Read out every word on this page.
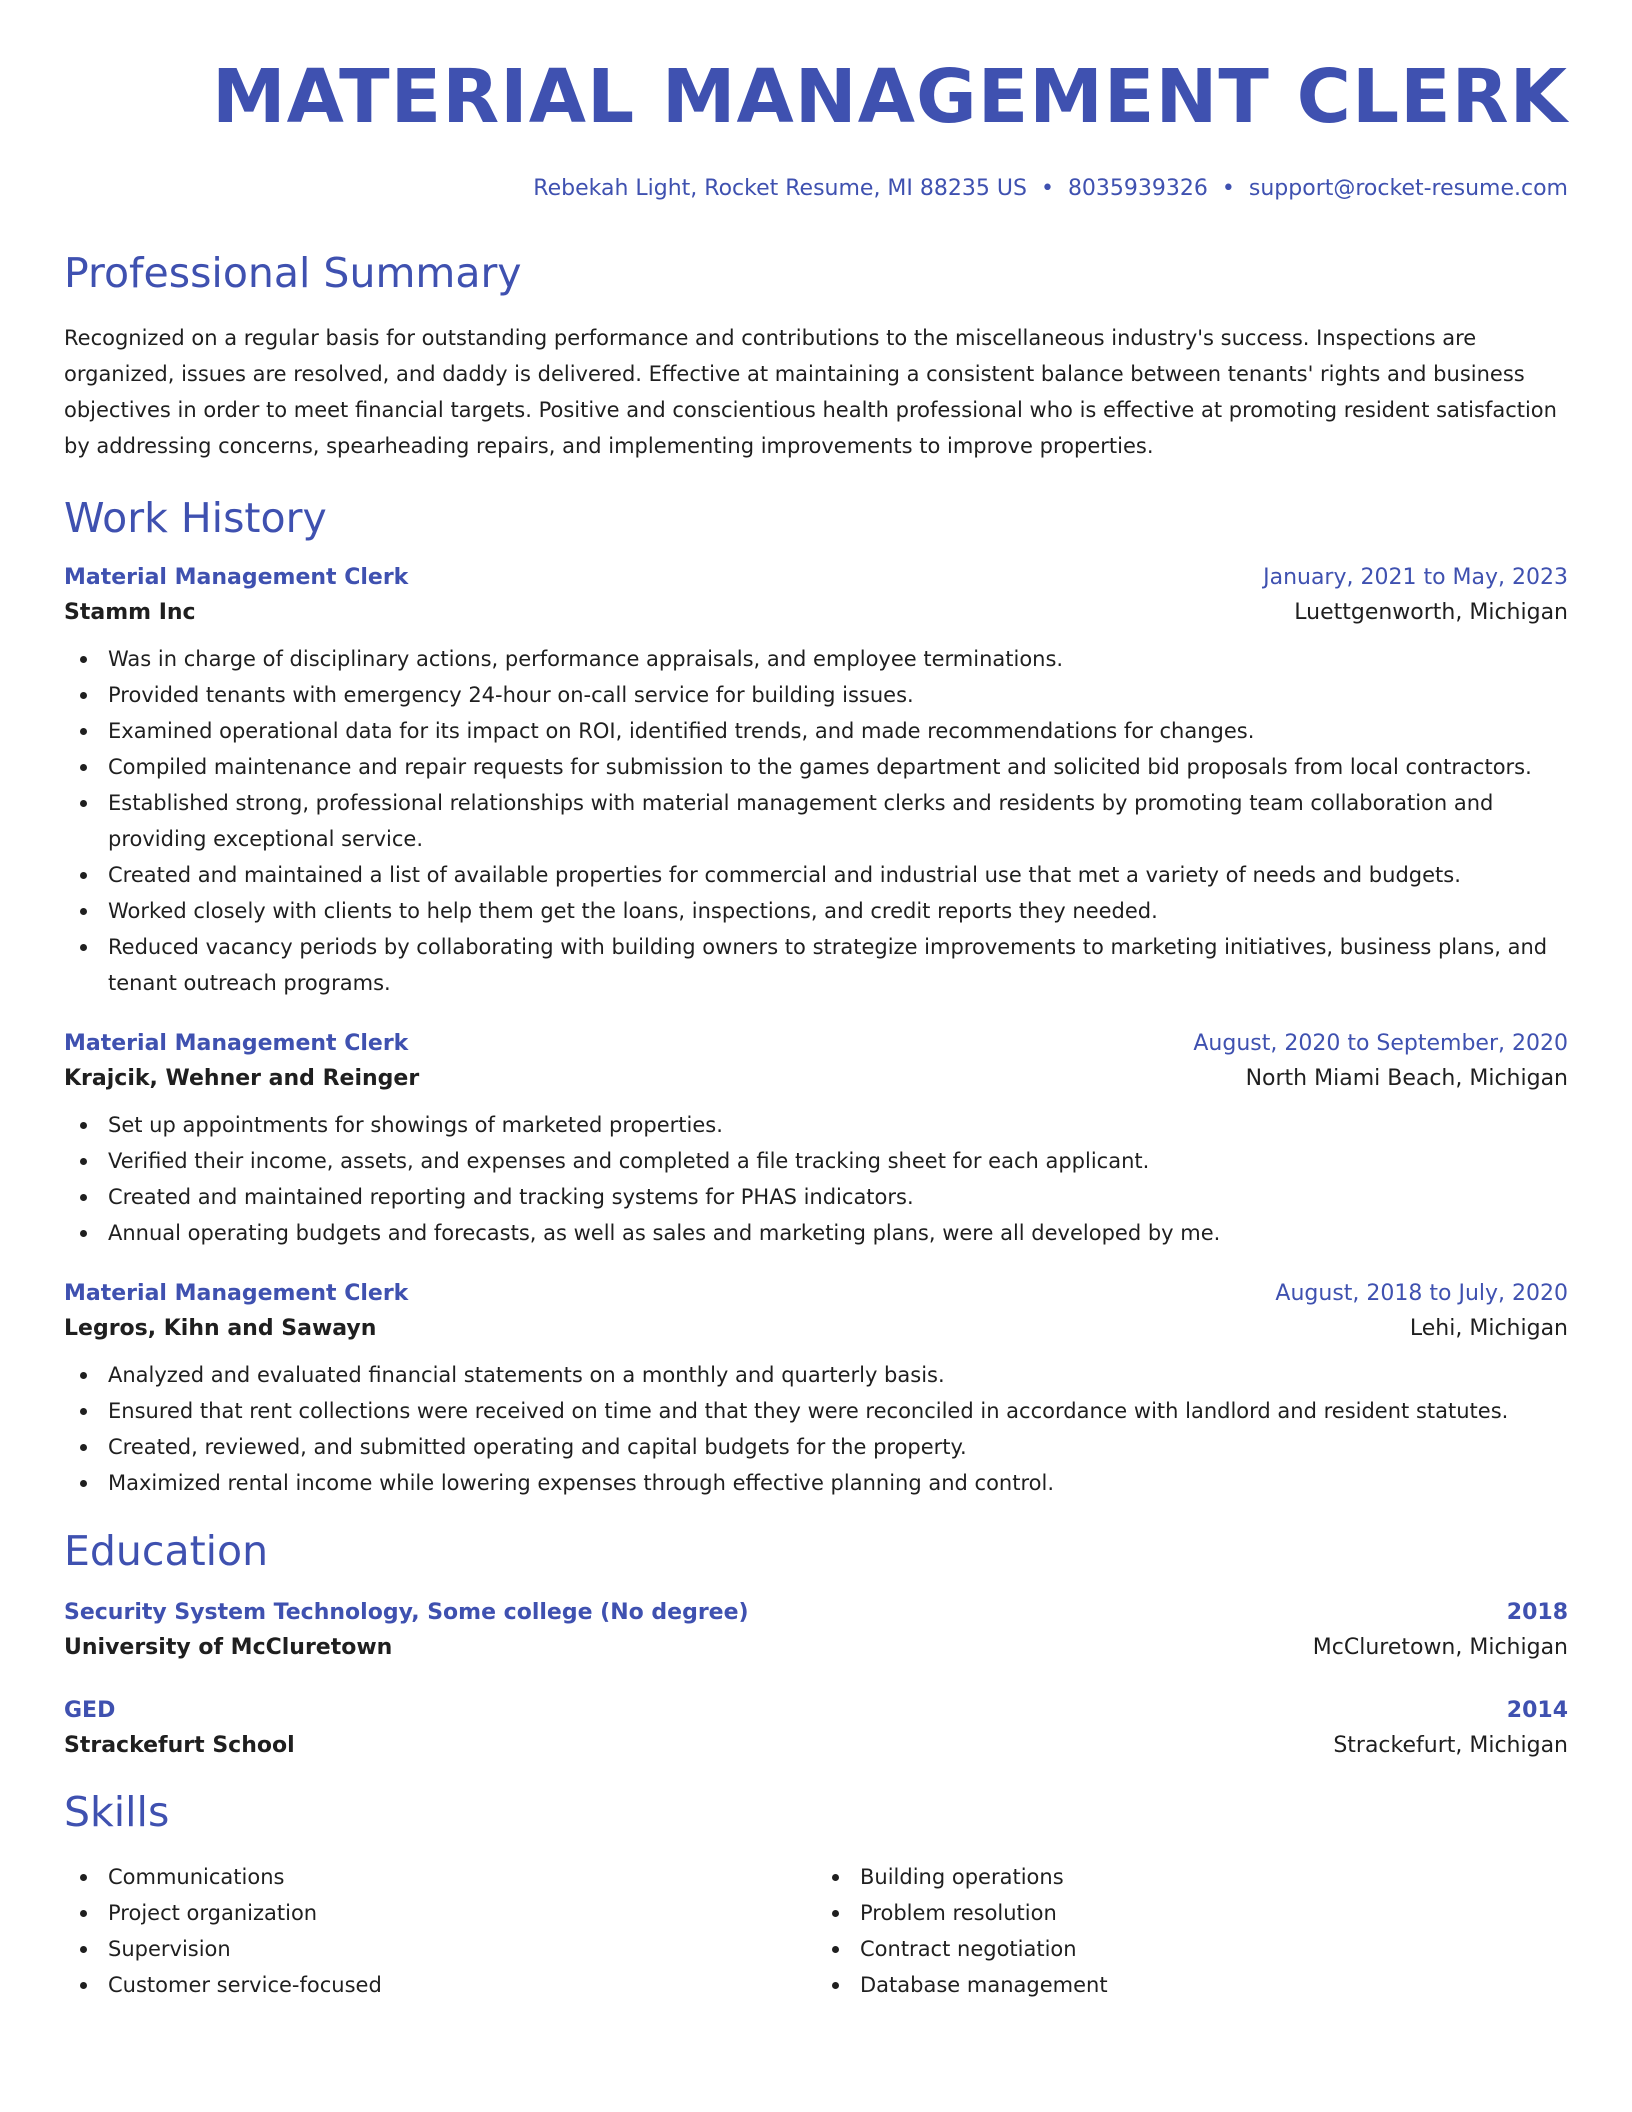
MATERIAL MANAGEMENT CLERK
Rebekah Light, Rocket Resume, MI 88235 US • 8035939326 • support@rocket-resume.com
Professional Summary

Recognized on a regular basis for outstanding performance and contributions to the miscellaneous industry's success. Inspections are organized, issues are resolved, and daddy is delivered. Effective at maintaining a consistent balance between tenants' rights and business objectives in order to meet financial targets. Positive and conscientious health professional who is effective at promoting resident satisfaction by addressing concerns, spearheading repairs, and implementing improvements to improve properties.

Work History
Material Management Clerk	January, 2021 to May, 2023
Stamm Inc	Luettgenworth, Michigan
Was in charge of disciplinary actions, performance appraisals, and employee terminations.
Provided tenants with emergency 24-hour on-call service for building issues.
Examined operational data for its impact on ROI, identified trends, and made recommendations for changes.
Compiled maintenance and repair requests for submission to the games department and solicited bid proposals from local contractors.
Established strong, professional relationships with material management clerks and residents by promoting team collaboration and providing exceptional service.
Created and maintained a list of available properties for commercial and industrial use that met a variety of needs and budgets.
Worked closely with clients to help them get the loans, inspections, and credit reports they needed.
Reduced vacancy periods by collaborating with building owners to strategize improvements to marketing initiatives, business plans, and tenant outreach programs.
Material Management Clerk	August, 2020 to September, 2020
Krajcik, Wehner and Reinger	North Miami Beach, Michigan
Set up appointments for showings of marketed properties.
Verified their income, assets, and expenses and completed a file tracking sheet for each applicant.
Created and maintained reporting and tracking systems for PHAS indicators.
Annual operating budgets and forecasts, as well as sales and marketing plans, were all developed by me.
Material Management Clerk	August, 2018 to July, 2020
Legros, Kihn and Sawayn	Lehi, Michigan
Analyzed and evaluated financial statements on a monthly and quarterly basis.
Ensured that rent collections were received on time and that they were reconciled in accordance with landlord and resident statutes.
Created, reviewed, and submitted operating and capital budgets for the property.
Maximized rental income while lowering expenses through effective planning and control.
Education
Security System Technology, Some college (No degree)	2018
University of McCluretown	McCluretown, Michigan
GED	2014
Strackefurt School	Strackefurt, Michigan
Skills
Communications
Project organization
Supervision
Customer service-focused
Building operations
Problem resolution
Contract negotiation
Database management
